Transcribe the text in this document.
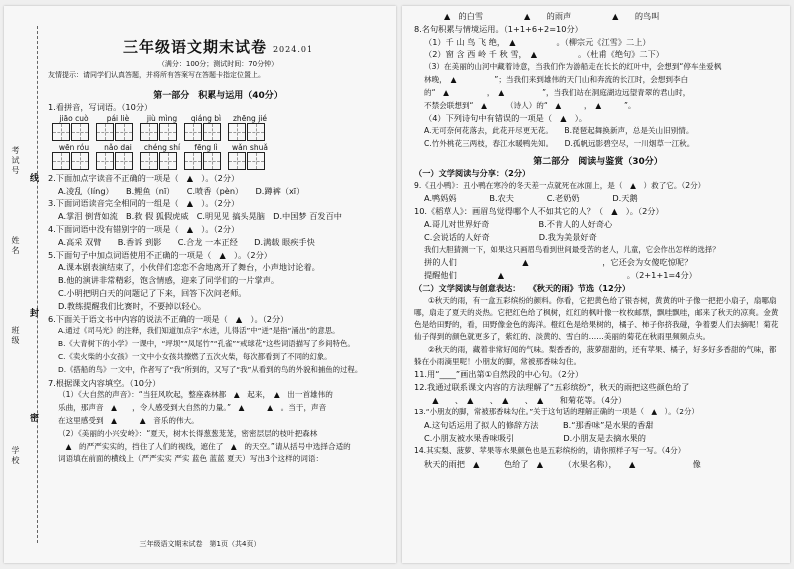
考试号
姓名
班级
学校
线
封
密
三年级语文期末试卷 2024.01
（满分：100分；测试时间：70分钟）
友情提示：请同学们认真答题，并将所有答案写在答题卡指定位置上。
第一部分　积累与运用（40分）
1.看拼音，写词语。（10分）
jiāo cuò	pái liè	jiù mìng	qiáng bì	zhēng jié
wēn róu	nǎo dai	chéng shí	fēng lì	wǎn shuǎ
2.下面加点字读音不正确的一项是（　▲　）。（2分）
A.凌乱（líng）　　B.鲤鱼（nī）　　C.喷香（pèn）　　D.蹲裤（xī）
3.下面词语读音完全相同的一组是（　▲　）。（2分）
A.掌泪 倒背如流　B.救 假 狐假虎威　C.明见见 搞头晃脑　D.中国梦 百发百中
4.下面词语中没有错别字的一项是（　▲　）。（2分）
A.高采 双臂　　B.香诉 到影　　C.合龙 一本正经　　D.满载 眼疾手快
5.下面句子中加点词语使用不正确的一项是（　▲　）。（2分）
A.课本剧表演结束了，小伙伴们恋恋不舍地离开了舞台，小声地讨论着。
B.他的演讲非常精彩，饱含情感，迎来了同学们的一片掌声。
C.小明把明白天的问题记了下来，回答下次问老师。
D.教练提醒我们比赛时，不要掉以轻心。
6.下面关于语文书中内容的说法不正确的一项是（　▲　）。（2分）
A.通过《司马光》的注释，我们知道加点字“水迸，儿得活”中“迸”是指“涌出”的意思。
B.《大青树下的小学》一课中，“坪坝”“凤尾竹”“孔雀”“戒球花”这些词语描写了乡间特色。
C.《卖火柴的小女孩》一文中小女孩共擦燃了五次火柴，每次都看到了不同的幻象。
D.《搭船的鸟》一文中，作者写了“我”所到的，又写了“我”从看到的鸟的外貌和捕鱼的过程。
7.根据课文内容填空。（10分）
（1）《大自然的声音》：“当狂风吹起，整座森林都　▲　起来，　▲　出一首雄伟的
乐曲，那声音　▲　　，令人感受到大自然的力量。”　▲　　　▲　。当于，声音
在这里感受到　▲　　　▲　音乐的伟大。
（2）《美丽的小兴安岭》：“夏天，树木长得葱葱茏茏，密密层层的枝叶把森林
　▲　的严严实实的，挡住了人们的视线，遮住了　▲　的天空。”请从括号中选择合适的
词语填在前面的横线上（严严实实 严实 蓝色 蓝蓝 夏天）写出3个这样的词语：
三年级语文期末试卷　第1页（共4页）
▲　的白雪　　　　　▲　　的雨声　　　　　▲　　的鸟叫
8.名句积累与情境运用。（1+1+6+2=10分）
（1）千 山 鸟 飞 绝，　▲　　　　　。（柳宗元《江雪》二上）
（2）窗 含 西 岭 千 秋 雪，　▲　　　　　。（杜甫《绝句》二下）
（3）在美丽的山河中藏着诗意，当我们作为游船走在长长的红叶中，会想到“停车坐爱枫
林晚，　▲　　　　　”；当我们来到雄伟的天门山和奔流的长江时，会想到李白
的“　▲　　　　　，　▲　　　　　”，当我们站在洞庭湖边远望青翠的君山时，
不禁会联想到“　▲　　　（诗人）的“　▲　　　，　▲　　　”。
（4）下列诗句中有错误的一项是（　▲　）。
A.无可奈何花落去，此花开尽更无花。　　B.琵琶起舞换新声，总是关山旧别情。
C.竹外桃花三两枝，春江水暖鸭先知。　　D.孤帆远影碧空尽，一川烟草一江秋。
第二部分　阅读与鉴赏（30分）
（一）文学阅读与分享：（2分）
9.《丑小鸭》：丑小鸭在寒冷的冬天差一点就死在冰面上，是（　▲　）救了它。（2分）
A.鸭妈妈　　　　B.农夫　　　　C.老奶奶　　　　D.天鹅
10.《稻草人》：画眉鸟觉得哪个人不如其它的人？（　▲　）。（2分）
A.哥儿对世界好奇　　　　　　B.不肯人的人好奇心
C.会说话的人好奇　　　　　　D.我为美景好奇
我们大胆猜测一下，如果这只画眉鸟看到世间最受苦的老人，儿童，它会作出怎样的选择？
拼的人们　　　　　　　　▲　　　　　　　　　，它还会为女傻吃惊呢？
提醒他们　　　　　▲　　　　　　　　　　　　　　　。（2+1+1=4分）
（二）文学阅读与创意表达：　　《秋天的雨》节选（12分）
①秋天的雨，有一盒五彩缤纷的颜料。你看，它把黄色给了银杏树，黄黄的叶子像一把把小扇子，扇哪扇哪，扇走了夏天的炎热。它把红色给了枫树，红红的枫叶像一枚枚邮票，飘哇飘哇，邮来了秋天的凉爽。金黄色是给田野的，看，田野像金色的海洋。橙红色是给果树的，橘子、柿子你挤我碰，争着要人们去摘呢！菊花仙子得到的颜色就更多了，紫红的、淡黄的、雪白的……美丽的菊花在秋雨里频频点头。
②秋天的雨，藏着非常好闻的气味。梨香香的，菠萝甜甜的，还有苹果、橘子，好多好多香甜的气味，都躲在小雨滴里呢！小朋友的脚，常被那香味勾住。
11.用“____”画出第①自然段的中心句。（2分）
12.我通过联系课文内容的方法理解了“五彩缤纷”，秋天的雨把这些颜色给了
　▲　　、　▲　　、　▲　　、　▲　　和菊花等。（4分）
13.“小朋友的脚，常被那香味勾住。”关于这句话的理解正确的一项是（　▲　）。（2分）
A.这句话运用了拟人的修辞方法　　　B.“那香味”是水果的香甜
C.小朋友被水果香味吸引　　　　　　D.小朋友是去摘水果的
14.其实梨、菠萝、苹果等水果颜色也是五彩缤纷的，请你照样子写一写。（4分）
秋天的雨把　▲　　　色给了　▲　　　（水果名称），　　▲　　　　　　　像
